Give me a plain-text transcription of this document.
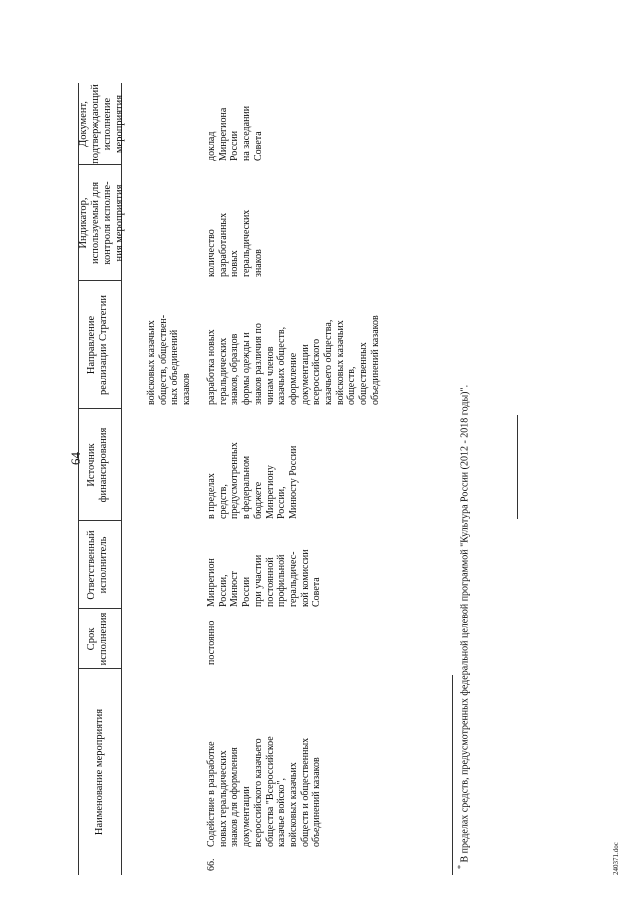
64
Наименование мероприятия
Срок исполнения
Ответственный исполнитель
Источник финансирования
Направление реализации Стратегии
Индикатор, используемый для контроля исполне- ния мероприятия
Документ, подтверждающий исполнение мероприятия
войсковых казачьих обществ, обществен- ных объединений казаков
66.
Содействие в разработке новых геральдических знаков для оформления документации всероссийского казачьего общества "Всероссийское казачье войско", войсковых казачьих обществ и общественных объединений казаков
постоянно
Минрегион России, Минюст России при участии постоянной профильной геральдичес- кой комиссии Совета
в пределах средств, предусмотренных в федеральном бюджете Минрегиону России, Минюсту России
разработка новых геральдических знаков, образцов формы одежды и знаков различия по чинам членов казачьих обществ, оформление документации всероссийского казачьего общества, войсковых казачьих обществ, общественных объединений казаков
количество разработанных новых геральдических знаков
доклад Минрегиона России на заседании Совета
* В пределах средств, предусмотренных федеральной целевой программой "Культура России (2012 - 2018 годы)".	240371.doc
